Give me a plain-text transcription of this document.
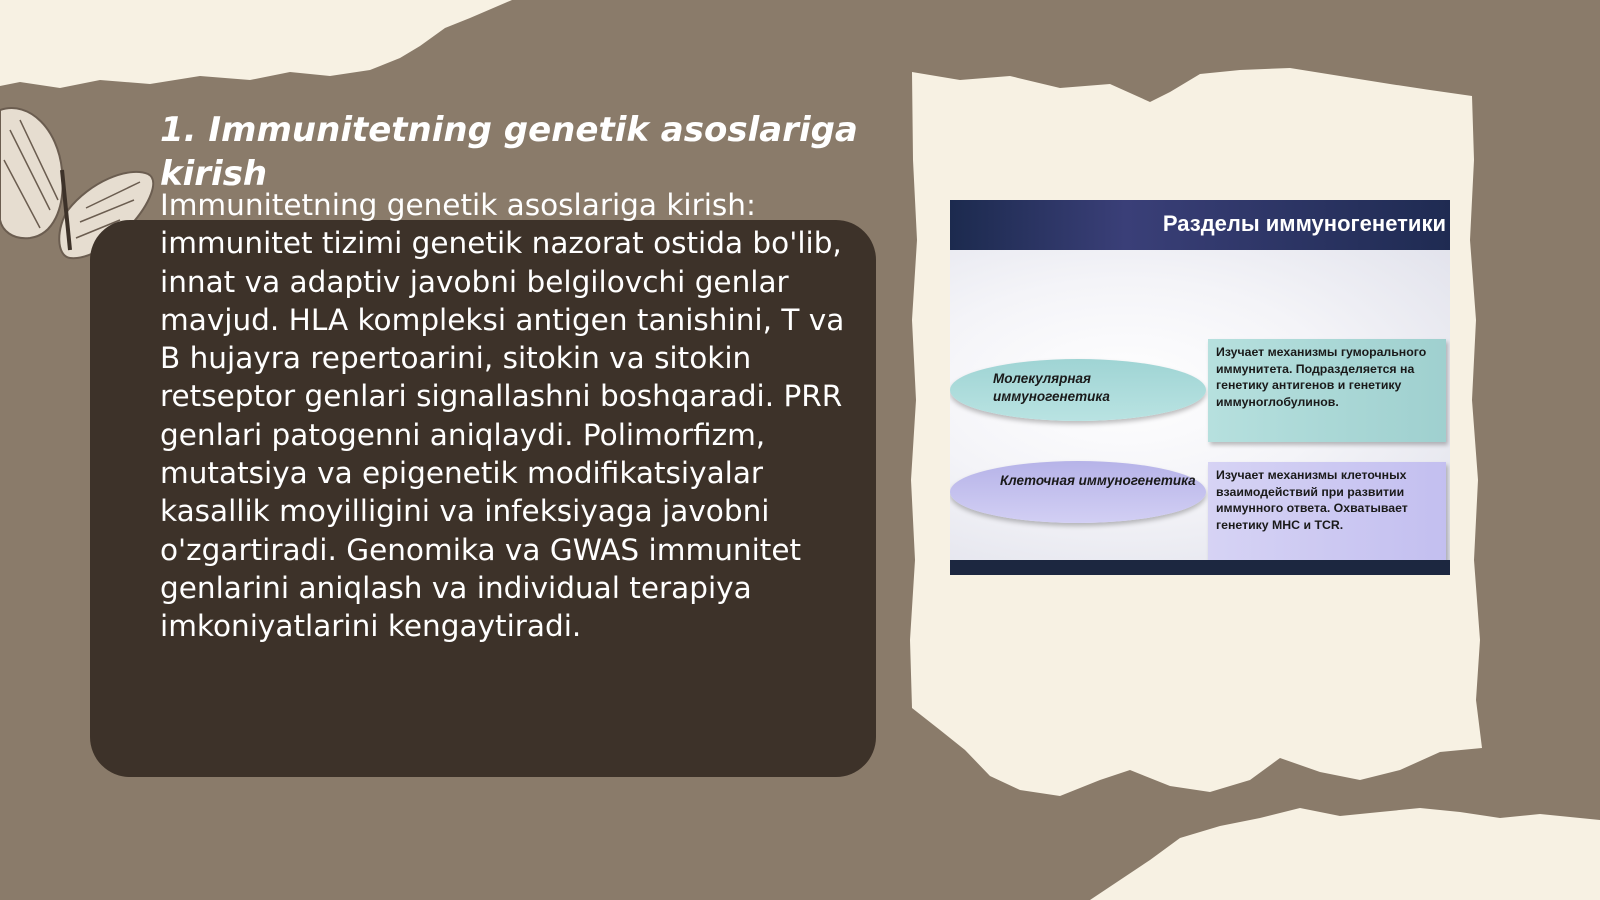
1. Immunitetning genetik asoslariga kirish

Immunitetning genetik asoslariga kirish: immunitet tizimi genetik nazorat ostida bo'lib, innat va adaptiv javobni belgilovchi genlar mavjud. HLA kompleksi antigen tanishini, T va B hujayra repertoarini, sitokin va sitokin retseptor genlari signallashni boshqaradi. PRR genlari patogenni aniqlaydi. Polimorfizm, mutatsiya va epigenetik modifikatsiyalar kasallik moyilligini va infeksiyaga javobni o'zgartiradi. Genomika va GWAS immunitet genlarini aniqlash va individual terapiya imkoniyatlarini kengaytiradi.

Разделы иммуногенетики
Молекулярная иммуногенетика
Изучает механизмы гуморального иммунитета. Подразделяется на генетику антигенов и генетику иммуноглобулинов.
Клеточная иммуногенетика	Изучает механизмы клеточных взаимодействий при развитии иммунного ответа. Охватывает генетику МНС и TCR.
